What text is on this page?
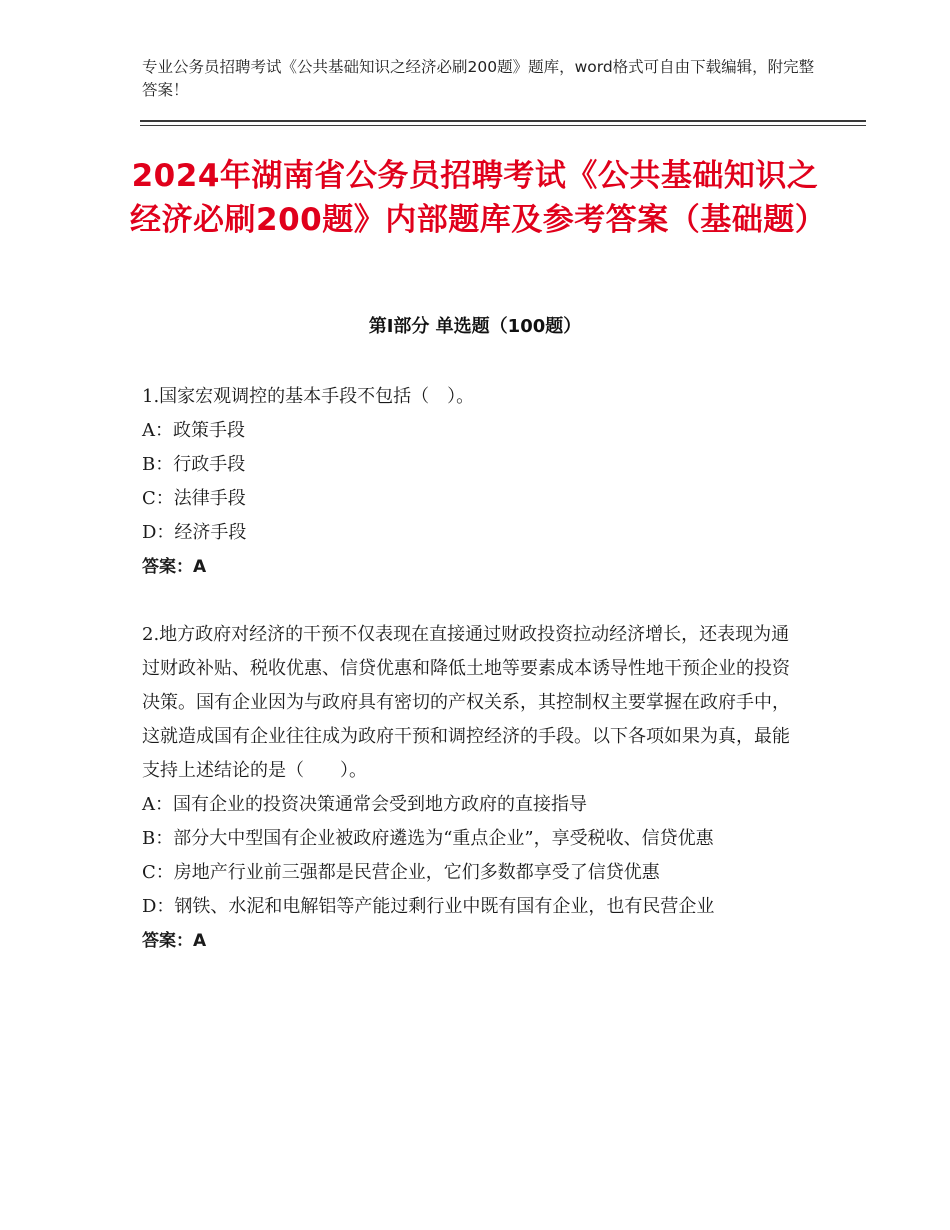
专业公务员招聘考试《公共基础知识之经济必刷200题》题库，word格式可自由下载编辑，附完整答案！
2024年湖南省公务员招聘考试《公共基础知识之经济必刷200题》内部题库及参考答案（基础题）
第I部分 单选题（100题）
1.国家宏观调控的基本手段不包括（　）。
A：政策手段
B：行政手段
C：法律手段
D：经济手段
答案：A
2.地方政府对经济的干预不仅表现在直接通过财政投资拉动经济增长，还表现为通过财政补贴、税收优惠、信贷优惠和降低土地等要素成本诱导性地干预企业的投资决策。国有企业因为与政府具有密切的产权关系，其控制权主要掌握在政府手中，这就造成国有企业往往成为政府干预和调控经济的手段。以下各项如果为真，最能支持上述结论的是（　　）。
A：国有企业的投资决策通常会受到地方政府的直接指导
B：部分大中型国有企业被政府遴选为“重点企业”，享受税收、信贷优惠
C：房地产行业前三强都是民营企业，它们多数都享受了信贷优惠
D：钢铁、水泥和电解铝等产能过剩行业中既有国有企业，也有民营企业
答案：A
